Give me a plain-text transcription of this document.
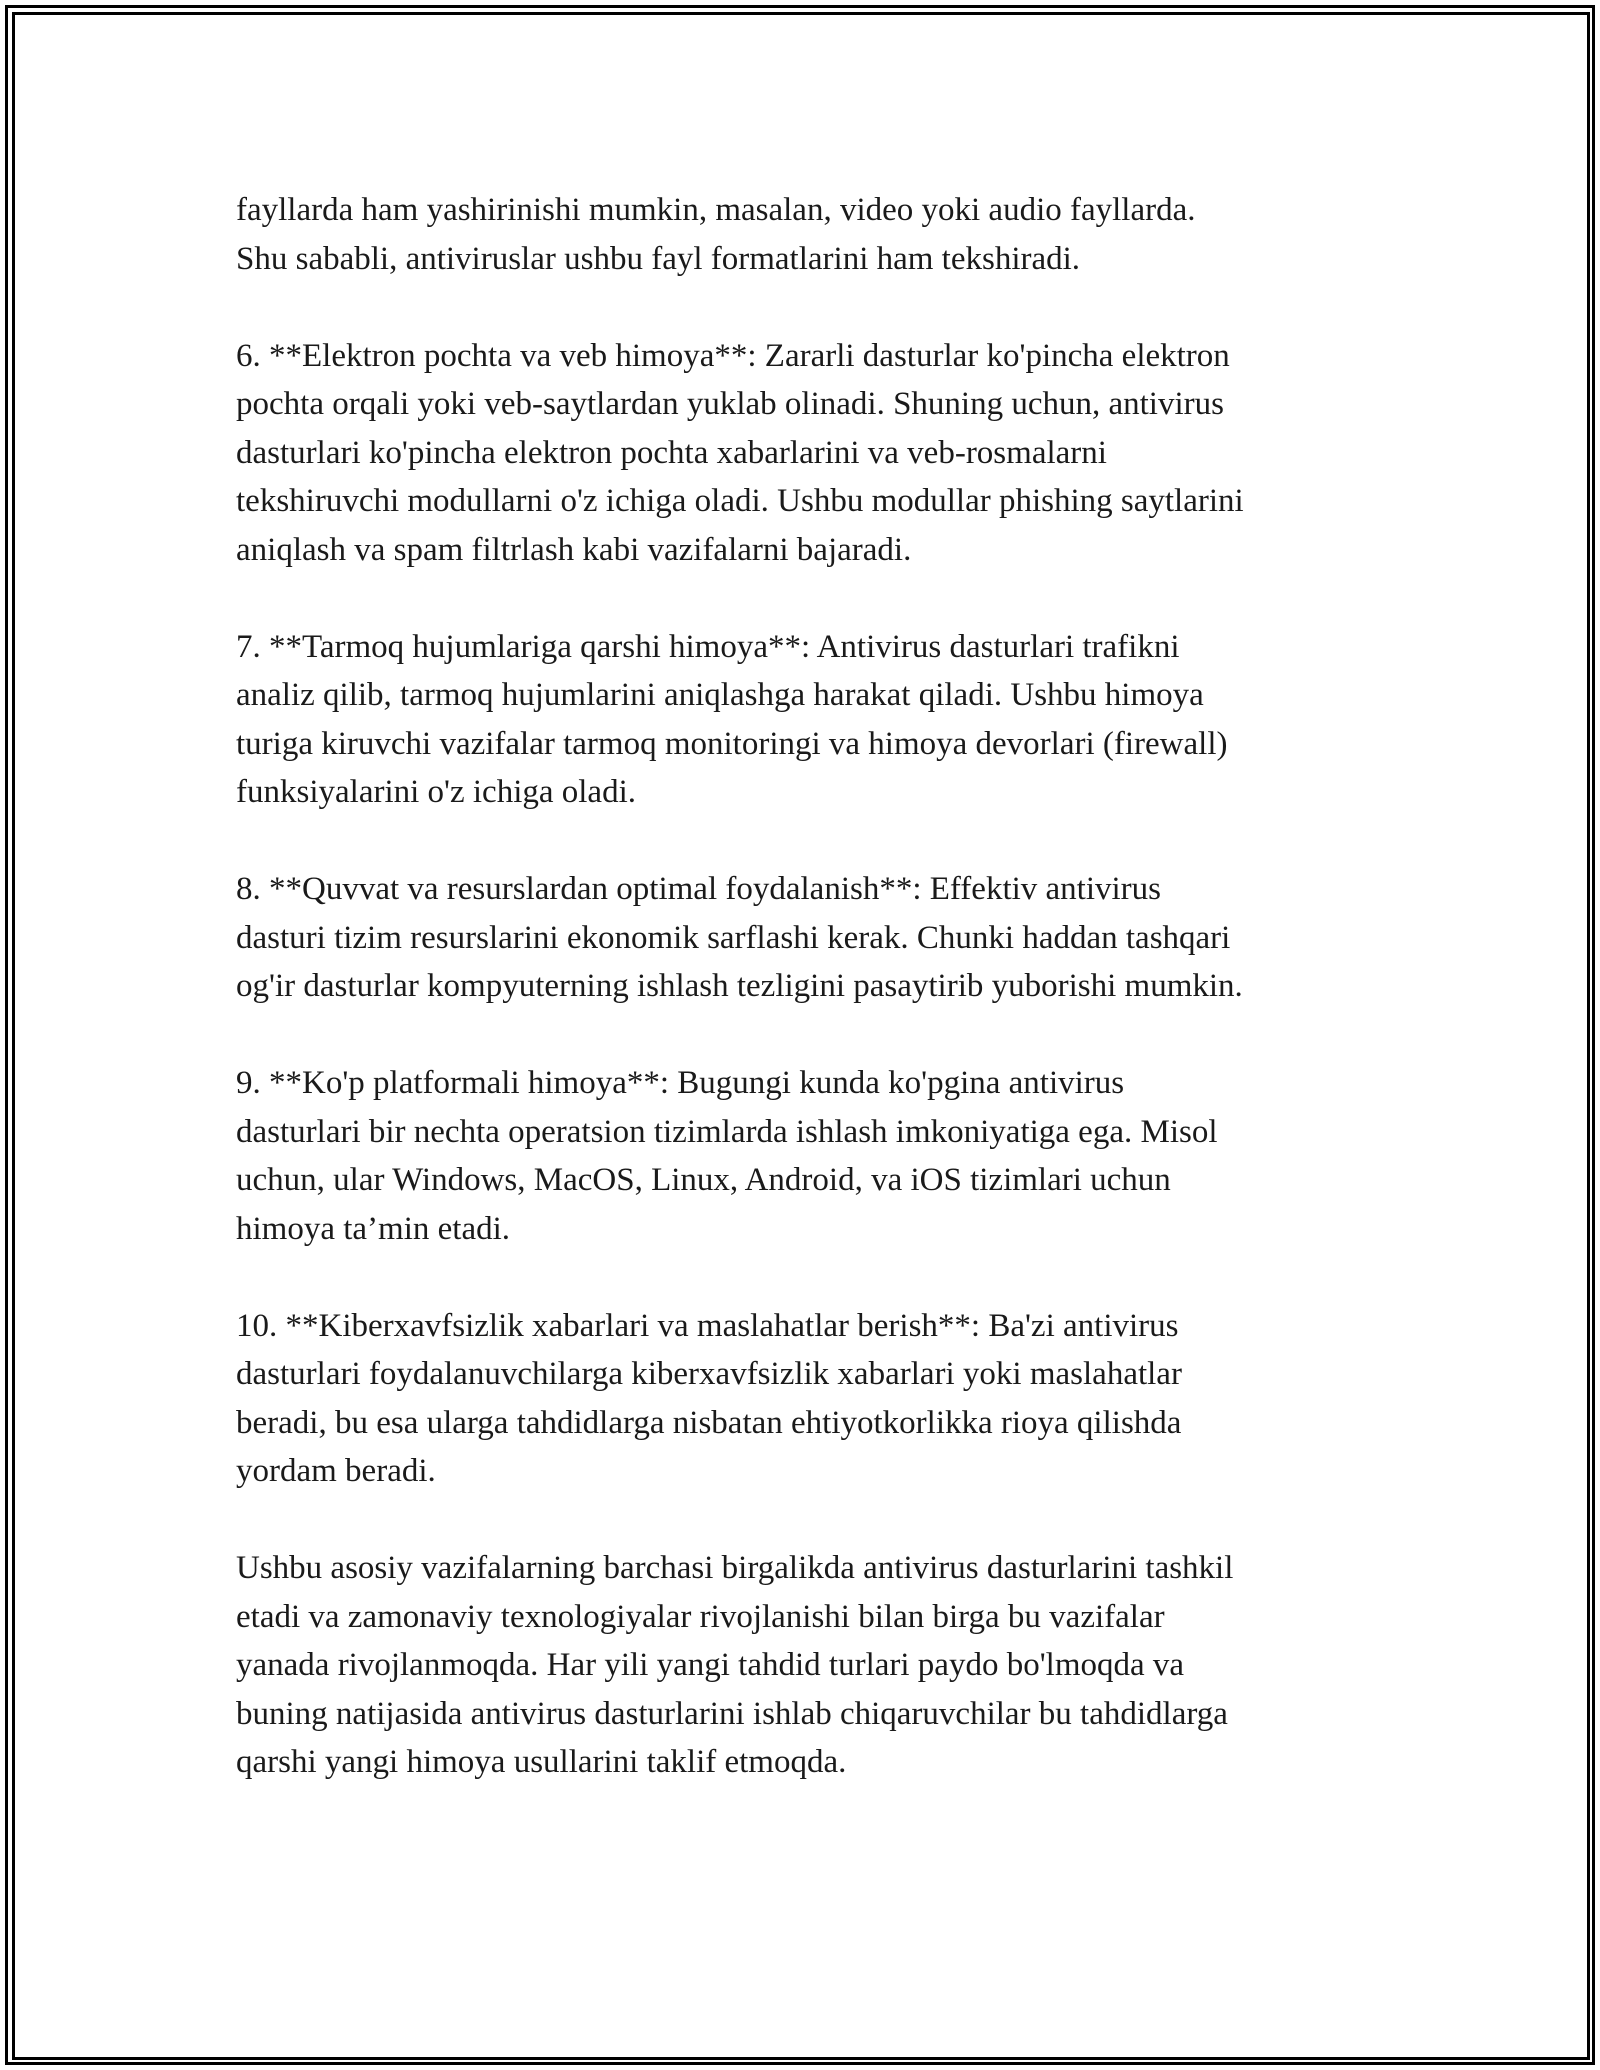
fayllarda ham yashirinishi mumkin, masalan, video yoki audio fayllarda.
Shu sababli, antiviruslar ushbu fayl formatlarini ham tekshiradi.

6. **Elektron pochta va veb himoya**: Zararli dasturlar ko'pincha elektron
pochta orqali yoki veb-saytlardan yuklab olinadi. Shuning uchun, antivirus
dasturlari ko'pincha elektron pochta xabarlarini va veb-rosmalarni
tekshiruvchi modullarni o'z ichiga oladi. Ushbu modullar phishing saytlarini
aniqlash va spam filtrlash kabi vazifalarni bajaradi.

7. **Tarmoq hujumlariga qarshi himoya**: Antivirus dasturlari trafikni
analiz qilib, tarmoq hujumlarini aniqlashga harakat qiladi. Ushbu himoya
turiga kiruvchi vazifalar tarmoq monitoringi va himoya devorlari (firewall)
funksiyalarini o'z ichiga oladi.

8. **Quvvat va resurslardan optimal foydalanish**: Effektiv antivirus
dasturi tizim resurslarini ekonomik sarflashi kerak. Chunki haddan tashqari
og'ir dasturlar kompyuterning ishlash tezligini pasaytirib yuborishi mumkin.

9. **Ko'p platformali himoya**: Bugungi kunda ko'pgina antivirus
dasturlari bir nechta operatsion tizimlarda ishlash imkoniyatiga ega. Misol
uchun, ular Windows, MacOS, Linux, Android, va iOS tizimlari uchun
himoya ta’min etadi.

10. **Kiberxavfsizlik xabarlari va maslahatlar berish**: Ba'zi antivirus
dasturlari foydalanuvchilarga kiberxavfsizlik xabarlari yoki maslahatlar
beradi, bu esa ularga tahdidlarga nisbatan ehtiyotkorlikka rioya qilishda
yordam beradi.

Ushbu asosiy vazifalarning barchasi birgalikda antivirus dasturlarini tashkil
etadi va zamonaviy texnologiyalar rivojlanishi bilan birga bu vazifalar
yanada rivojlanmoqda. Har yili yangi tahdid turlari paydo bo'lmoqda va
buning natijasida antivirus dasturlarini ishlab chiqaruvchilar bu tahdidlarga
qarshi yangi himoya usullarini taklif etmoqda.
